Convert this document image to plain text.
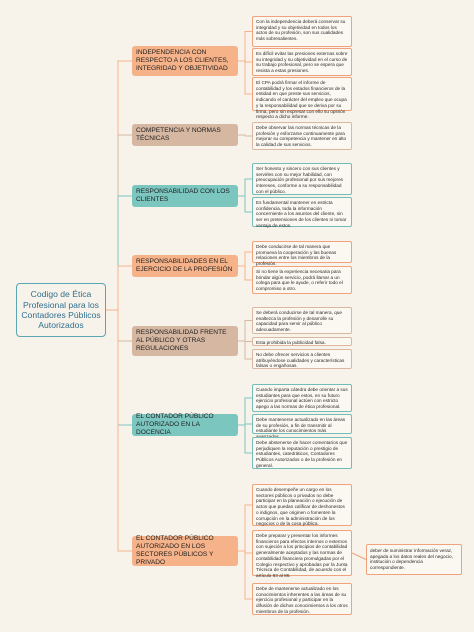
Codigo de Ética Profesional para los Contadores Públicos Autorizados
INDEPENDENCIA CON RESPECTO A LOS CLIENTES, INTEGRIDAD Y OBJETIVIDAD
Con la independencia deberá conservar su integridad y su objetividad en todos los actos de su profesión, son sus cualidades más sobresalientes.
Es difícil evitar las presiones externas sobre su integridad y su objetividad en el curso de su trabajo profesional, pero se espera que resista a estas presiones.
El CPA podrá firmar el informe de contabilidad y los estados financieros de la entidad en que preste sus servicios, indicando el carácter del empleo que ocupa y la responsabilidad que se deriva por su firma, pero sin expresar con ello su opinión respecto a dicho informe.
COMPETENCIA Y NORMAS TÉCNICAS
Debe observar las normas técnicas de la profesión y esforzarse continuamente para mejorar su competencia y mantener en alto la calidad de sus servicios.
RESPONSABILIDAD CON LOS CLIENTES
Ser honesto y sincero con sus clientes y servirles con su mejor habilidad, con preocupación profesional por sus mejores intereses, conforme a su responsabilidad con el público.
Es fundamental mantener en estricta confidencia, toda la información concerniente a los asuntos del cliente, sin ser en pretensiones de los clientes ni tomar ventaja de estos.
RESPONSABILIDADES EN EL EJERCICIO DE LA PROFESIÓN
Debe conducirse de tal manera que promueva la cooperación y las buenas relaciones entre los miembros de la profesión.
Si no tiene la experiencia necesaria para brindar algún servicio, podrá llamar a un colega para que le ayude, o referir todo el compromiso a otro.
RESPONSABILIDAD FRENTE AL PÚBLICO Y OTRAS REGULACIONES
Se deberá conducirse de tal manera, que enaltezca la profesión y desarrolle su capacidad para servir al público adecuadamente.
Esta prohibida la publicidad falsa.
No debe ofrecer servicios a clientes atribuyéndose cualidades y características falsas o engañosas.
EL CONTADOR PÚBLICO AUTORIZADO EN LA DOCENCIA
Cuando imparta cátedra debe orientar a sus estudiantes para que estos, en su futuro ejercicio profesional actúen con estricto apego a las normas de ética profesional.
Debe mantenerse actualizado en las áreas de su profesión, a fin de transmitir al estudiante los conocimientos más
Debe abstenerse de hacer comentarios que perjudiquen la reputación o prestigio de estudiantes, catedráticos, Contadores Públicos Autorizados o de la profesión en general.
EL CONTADOR PÚBLICO AUTORIZADO EN LOS SECTORES PÚBLICOS Y PRIVADO
Cuando desempeñe un cargo en los sectores públicos o privados no debe participar en la planeación o ejecución de actos que puedan calificar de deshonestos o indignos, que originen o fomenten la corrupción en la administración de los negocios o de la cosa pública.
Debe preparar y presentar los informes financieros para efectos internos o externos con sujeción a los principios de contabilidad generalmente aceptados y las normas de contabilidad financiera promulgadas por el Colegio respectivo y aprobadas por la Junta Técnica de Contabilidad, de acuerdo con el artículo 83 al 86.
Debe de mantenerse actualizado en los conocimientos inherentes a las áreas de su ejercicio profesional y participar en la difusión de dichos conocimientos a los otros miembros de la profesión.
deber de suministrar información veraz, apegada a los datos reales del negocio, institución o dependencia correspondiente.
